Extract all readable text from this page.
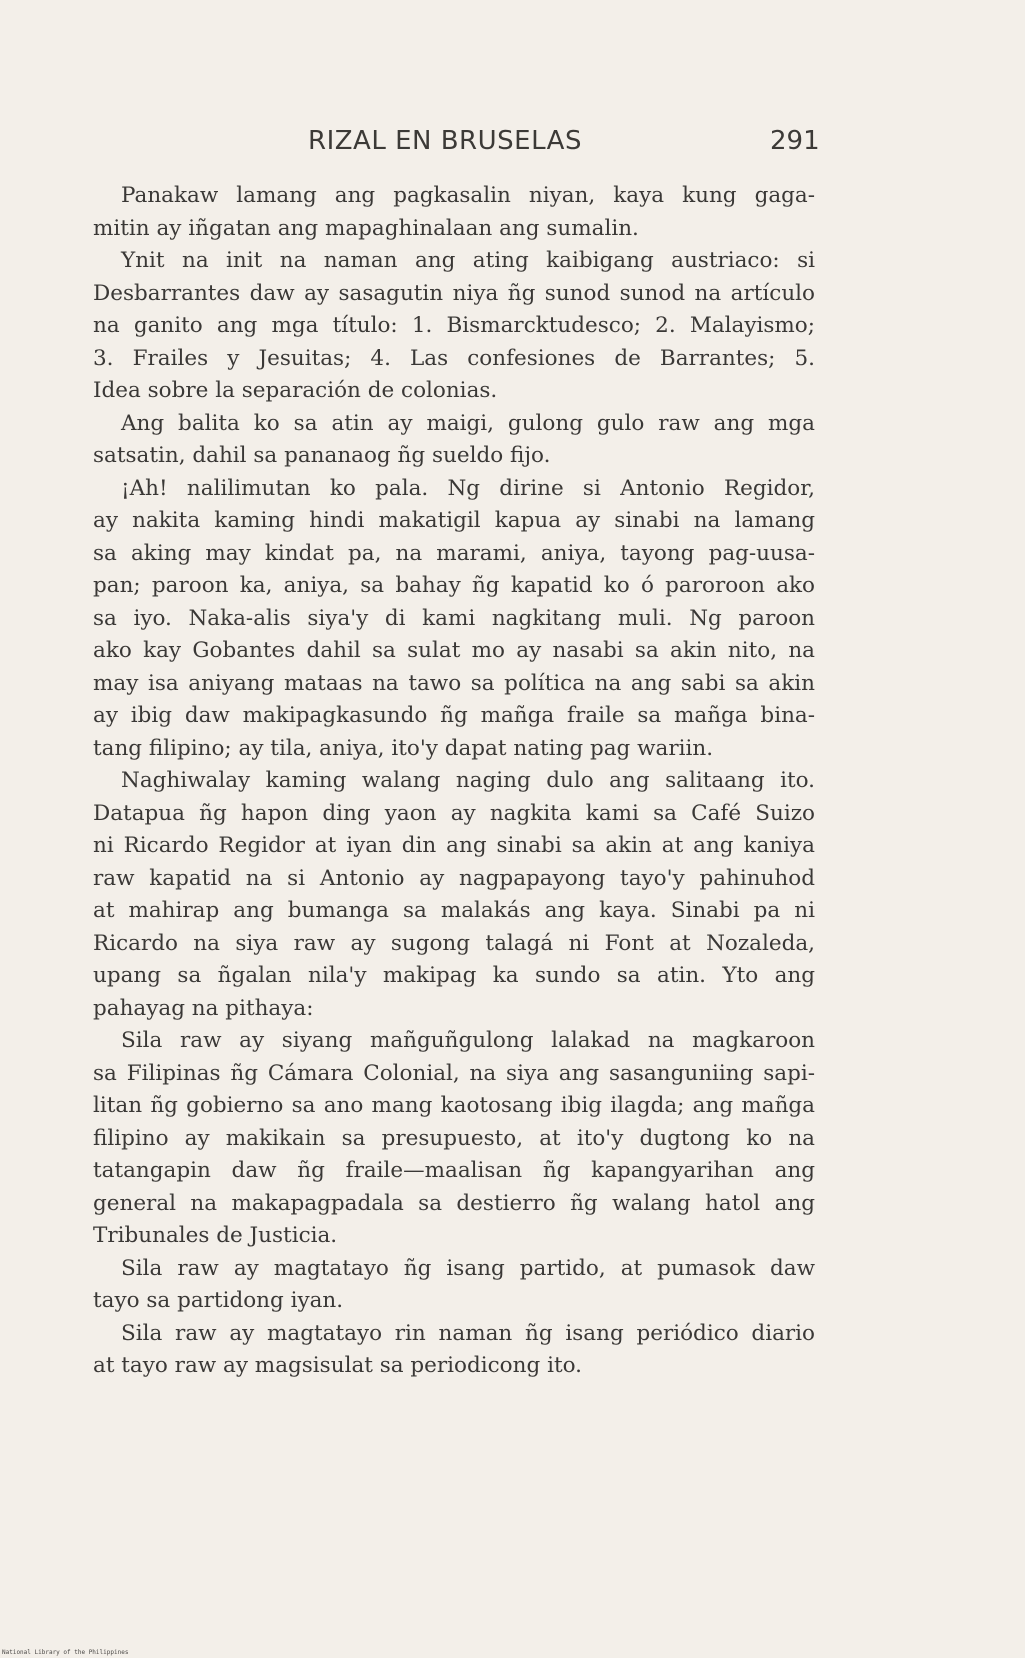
RIZAL EN BRUSELAS	291
Panakaw lamang ang pagkasalin niyan, kaya kung gaga-
mitin ay iñgatan ang mapaghinalaan ang sumalin.
Ynit na init na naman ang ating kaibigang austriaco: si
Desbarrantes daw ay sasagutin niya ñg sunod sunod na artículo
na ganito ang mga título: 1. Bismarcktudesco; 2. Malayismo;
3. Frailes y Jesuitas; 4. Las confesiones de Barrantes; 5.
Idea sobre la separación de colonias.
Ang balita ko sa atin ay maigi, gulong gulo raw ang mga
satsatin, dahil sa pananaog ñg sueldo fijo.
¡Ah! nalilimutan ko pala. Ng dirine si Antonio Regidor,
ay nakita kaming hindi makatigil kapua ay sinabi na lamang
sa aking may kindat pa, na marami, aniya, tayong pag-uusa-
pan; paroon ka, aniya, sa bahay ñg kapatid ko ó paroroon ako
sa iyo. Naka-alis siya'y di kami nagkitang muli. Ng paroon
ako kay Gobantes dahil sa sulat mo ay nasabi sa akin nito, na
may isa aniyang mataas na tawo sa política na ang sabi sa akin
ay ibig daw makipagkasundo ñg mañga fraile sa mañga bina-
tang filipino; ay tila, aniya, ito'y dapat nating pag wariin.
Naghiwalay kaming walang naging dulo ang salitaang ito.
Datapua ñg hapon ding yaon ay nagkita kami sa Café Suizo
ni Ricardo Regidor at iyan din ang sinabi sa akin at ang kaniya
raw kapatid na si Antonio ay nagpapayong tayo'y pahinuhod
at mahirap ang bumanga sa malakás ang kaya. Sinabi pa ni
Ricardo na siya raw ay sugong talagá ni Font at Nozaleda,
upang sa ñgalan nila'y makipag ka sundo sa atin. Yto ang
pahayag na pithaya:
Sila raw ay siyang mañguñgulong lalakad na magkaroon
sa Filipinas ñg Cámara Colonial, na siya ang sasanguniing sapi-
litan ñg gobierno sa ano mang kaotosang ibig ilagda; ang mañga
filipino ay makikain sa presupuesto, at ito'y dugtong ko na
tatangapin daw ñg fraile—maalisan ñg kapangyarihan ang
general na makapagpadala sa destierro ñg walang hatol ang
Tribunales de Justicia.
Sila raw ay magtatayo ñg isang partido, at pumasok daw
tayo sa partidong iyan.
Sila raw ay magtatayo rin naman ñg isang periódico diario
at tayo raw ay magsisulat sa periodicong ito.
National Library of the Philippines
